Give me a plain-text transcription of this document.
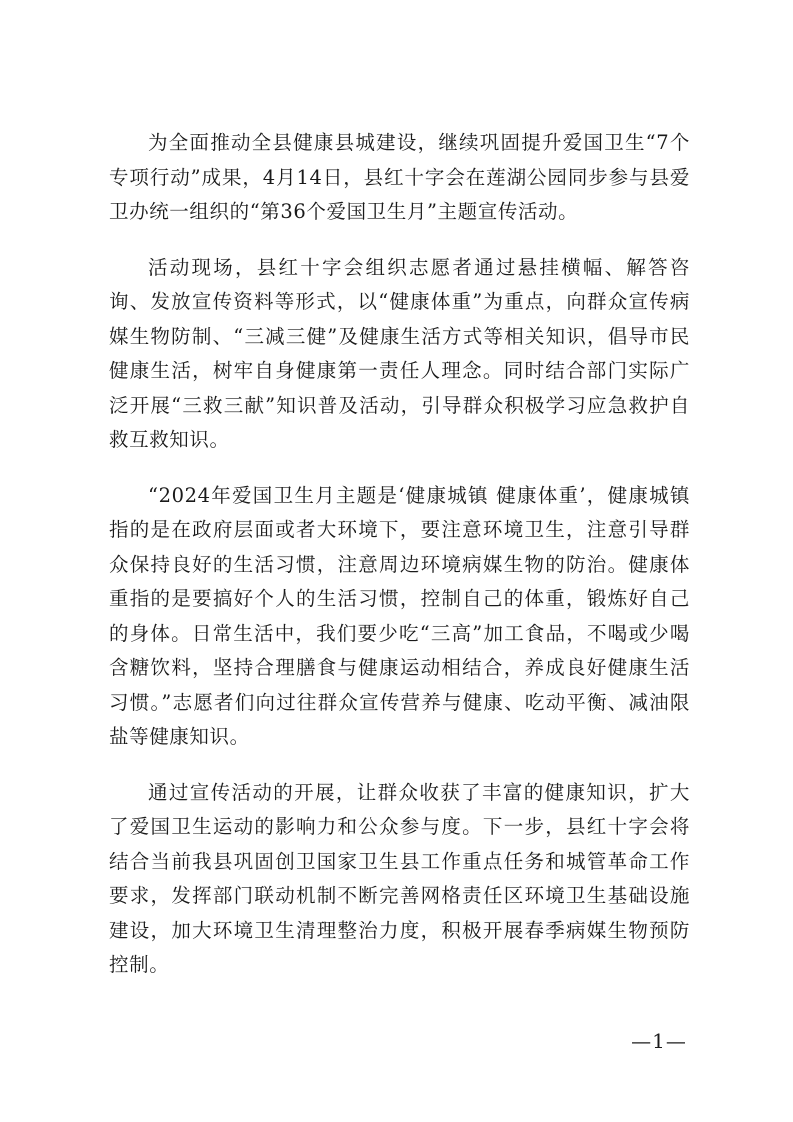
为全面推动全县健康县城建设，继续巩固提升爱国卫生“7个专项行动”成果，4月14日，县红十字会在莲湖公园同步参与县爱卫办统一组织的“第36个爱国卫生月”主题宣传活动。

活动现场，县红十字会组织志愿者通过悬挂横幅、解答咨询、发放宣传资料等形式，以“健康体重”为重点，向群众宣传病媒生物防制、“三减三健”及健康生活方式等相关知识，倡导市民健康生活，树牢自身健康第一责任人理念。同时结合部门实际广泛开展“三救三献”知识普及活动，引导群众积极学习应急救护自救互救知识。

“2024年爱国卫生月主题是‘健康城镇 健康体重’，健康城镇指的是在政府层面或者大环境下，要注意环境卫生，注意引导群众保持良好的生活习惯，注意周边环境病媒生物的防治。健康体重指的是要搞好个人的生活习惯，控制自己的体重，锻炼好自己的身体。日常生活中，我们要少吃“三高”加工食品，不喝或少喝含糖饮料，坚持合理膳食与健康运动相结合，养成良好健康生活习惯。”志愿者们向过往群众宣传营养与健康、吃动平衡、减油限盐等健康知识。

通过宣传活动的开展，让群众收获了丰富的健康知识，扩大了爱国卫生运动的影响力和公众参与度。下一步，县红十字会将结合当前我县巩固创卫国家卫生县工作重点任务和城管革命工作要求，发挥部门联动机制不断完善网格责任区环境卫生基础设施建设，加大环境卫生清理整治力度，积极开展春季病媒生物预防控制。

—1—
